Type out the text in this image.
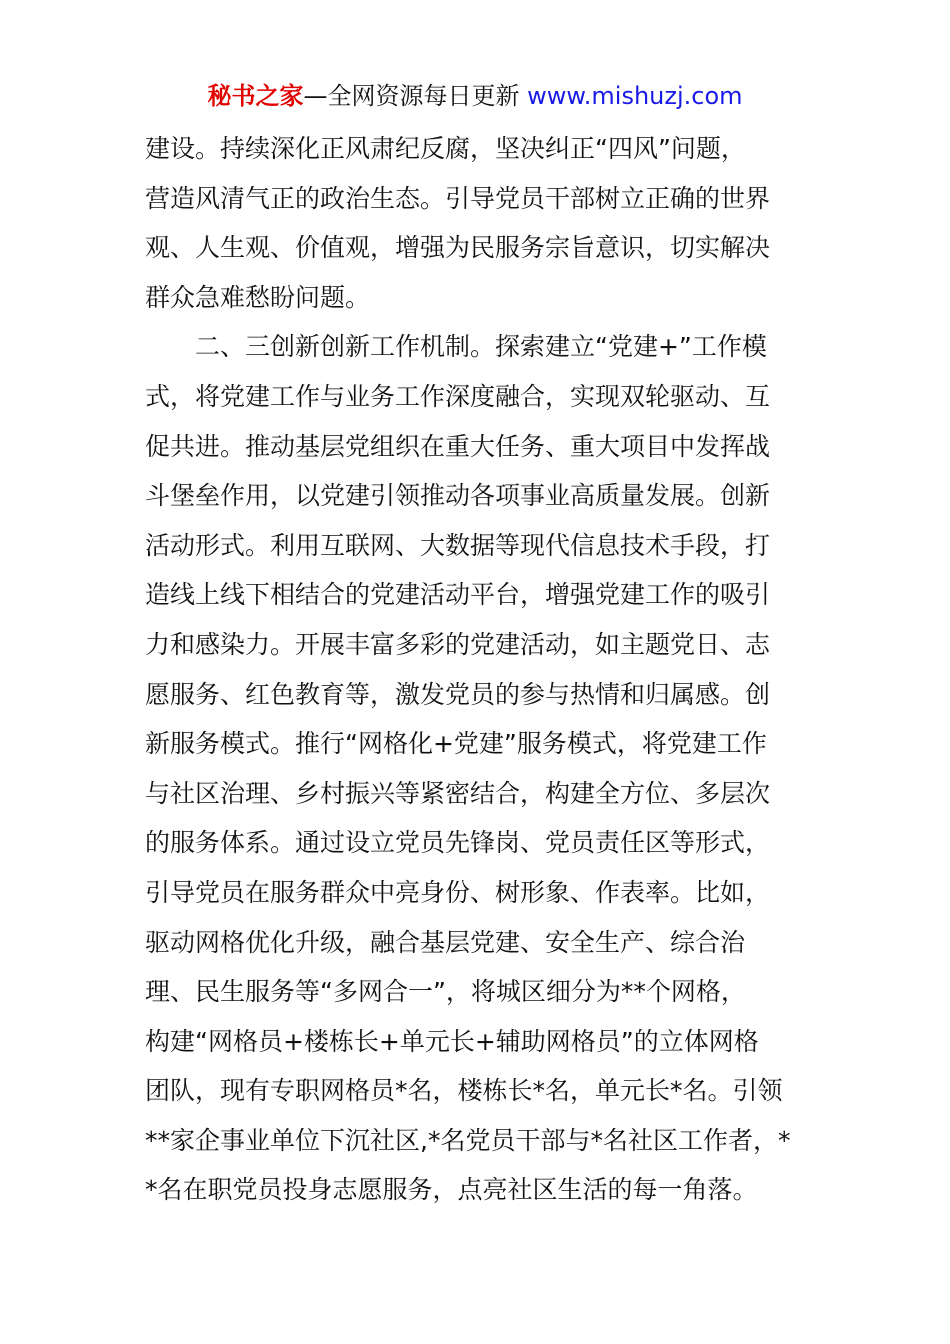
秘书之家—全网资源每日更新 www.mishuzj.com
建设。持续深化正风肃纪反腐，坚决纠正“四风”问题，
营造风清气正的政治生态。引导党员干部树立正确的世界
观、人生观、价值观，增强为民服务宗旨意识，切实解决
群众急难愁盼问题。
　　二、三创新创新工作机制。探索建立“党建+”工作模
式，将党建工作与业务工作深度融合，实现双轮驱动、互
促共进。推动基层党组织在重大任务、重大项目中发挥战
斗堡垒作用，以党建引领推动各项事业高质量发展。创新
活动形式。利用互联网、大数据等现代信息技术手段，打
造线上线下相结合的党建活动平台，增强党建工作的吸引
力和感染力。开展丰富多彩的党建活动，如主题党日、志
愿服务、红色教育等，激发党员的参与热情和归属感。创
新服务模式。推行“网格化+党建”服务模式，将党建工作
与社区治理、乡村振兴等紧密结合，构建全方位、多层次
的服务体系。通过设立党员先锋岗、党员责任区等形式，
引导党员在服务群众中亮身份、树形象、作表率。比如，
驱动网格优化升级，融合基层党建、安全生产、综合治
理、民生服务等“多网合一”，将城区细分为**个网格，
构建“网格员+楼栋长+单元长+辅助网格员”的立体网格
团队，现有专职网格员*名，楼栋长*名，单元长*名。引领
**家企事业单位下沉社区,*名党员干部与*名社区工作者，*
*名在职党员投身志愿服务，点亮社区生活的每一角落。
